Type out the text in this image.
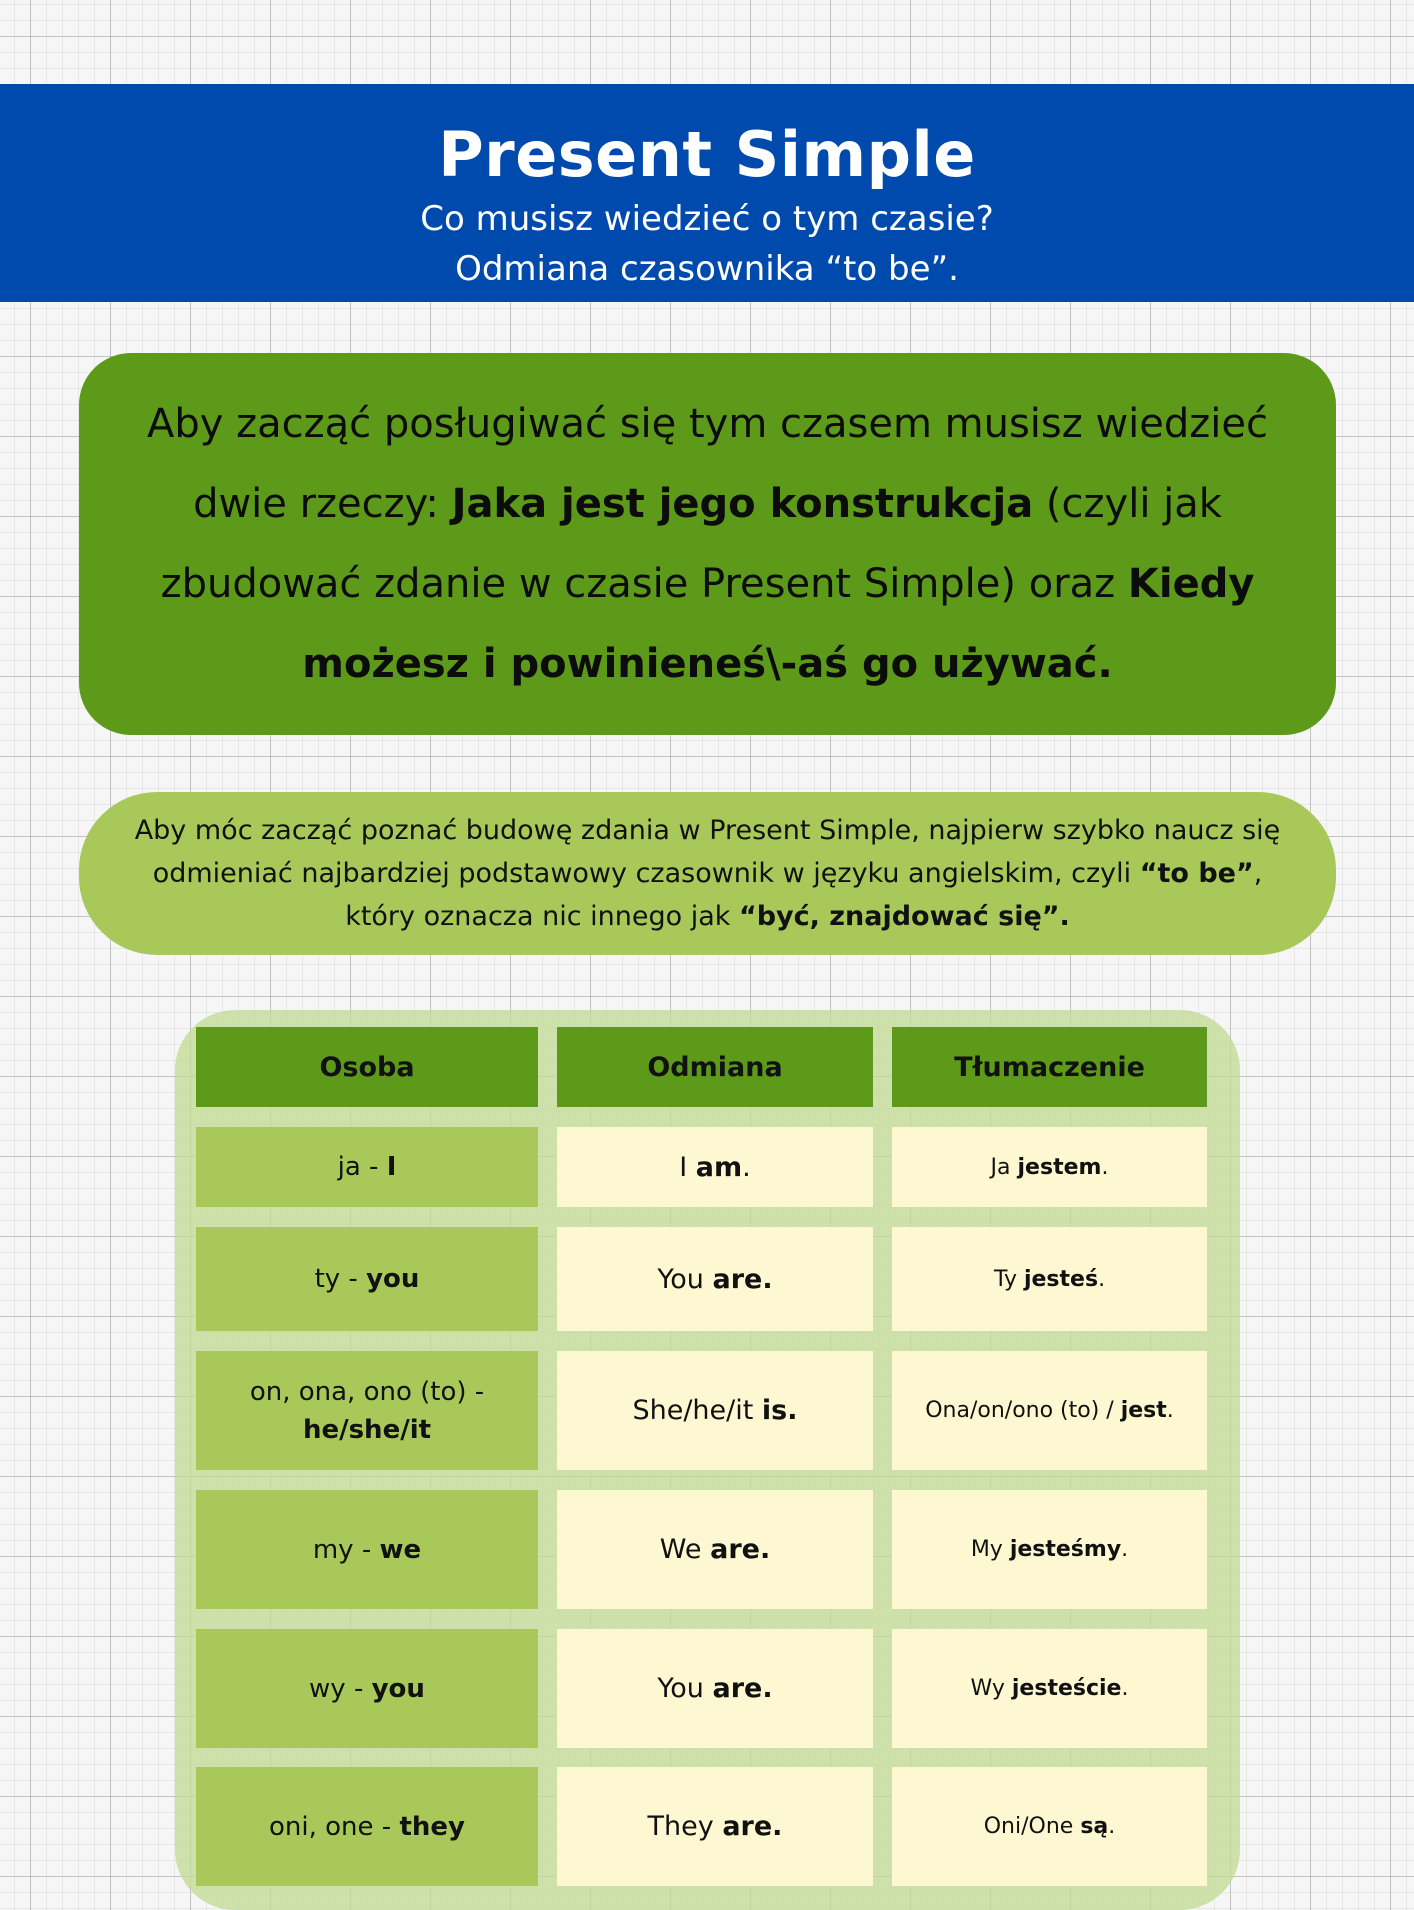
Present Simple
Co musisz wiedzieć o tym czasie?
Odmiana czasownika “to be”.
Aby zacząć posługiwać się tym czasem musisz wiedzieć dwie rzeczy: Jaka jest jego konstrukcja (czyli jak zbudować zdanie w czasie Present Simple) oraz Kiedy możesz i powinieneś\-aś go używać.
Aby móc zacząć poznać budowę zdania w Present Simple, najpierw szybko naucz się odmieniać najbardziej podstawowy czasownik w języku angielskim, czyli “to be”, który oznacza nic innego jak “być, znajdować się”.
Osoba	Odmiana	Tłumaczenie
ja - I	I am.	Ja jestem.
ty - you	You are.	Ty jesteś.
on, ona, ono (to) -
he/she/it
She/he/it is.	Ona/on/ono (to) / jest.
my - we	We are.	My jesteśmy.
wy - you	You are.	Wy jesteście.
oni, one - they	They are.	Oni/One są.
